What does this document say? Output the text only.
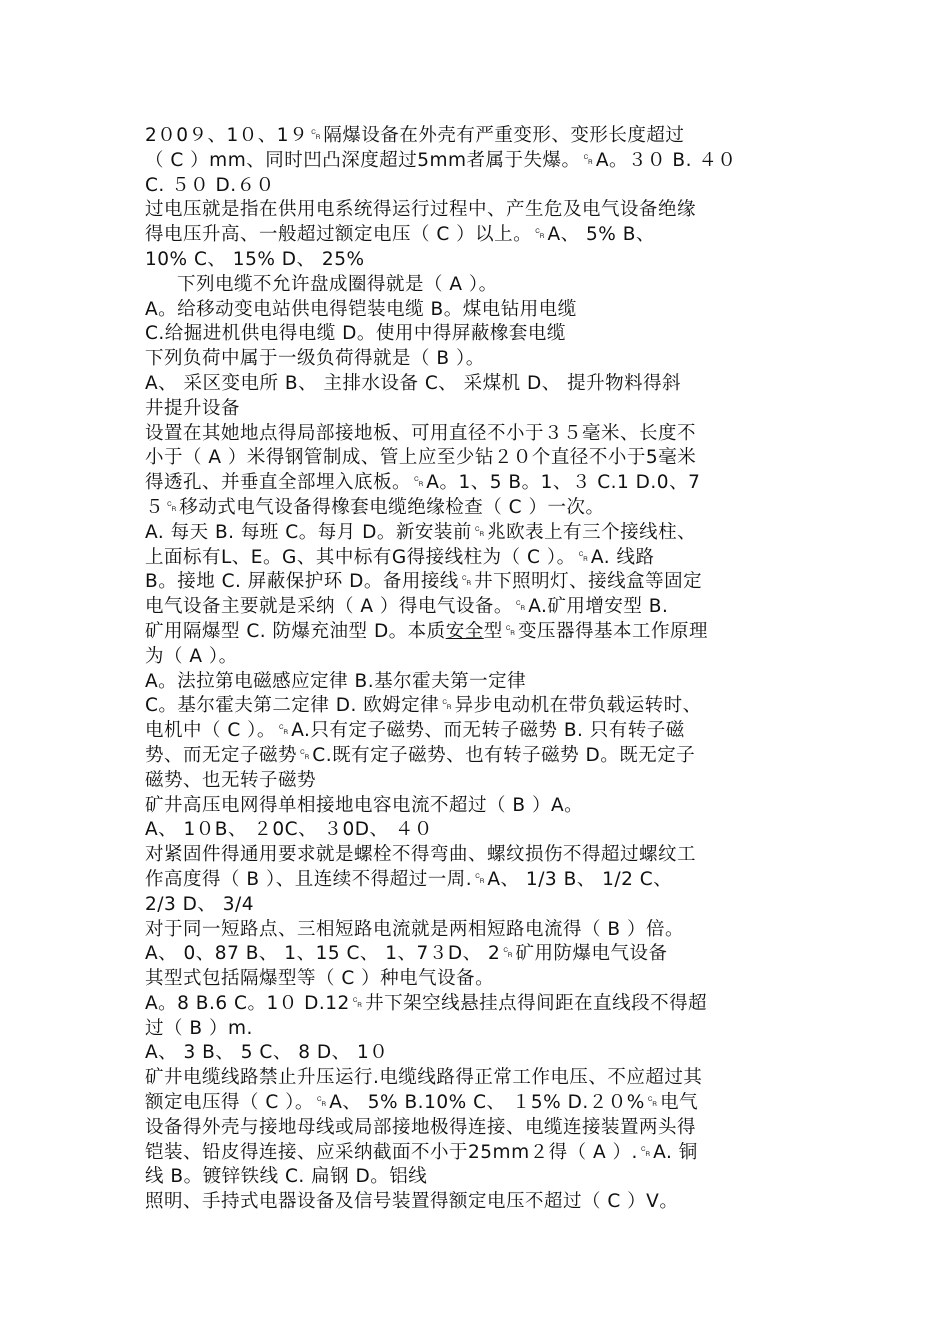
2０0９、1０、1９␍隔爆设备在外壳有严重变形、变形长度超过
（ C ）mm、同时凹凸深度超过5mm者属于失爆。␍A。３０ B. ４０
C. ５０ D.６０
过电压就是指在供用电系统得运行过程中、产生危及电气设备绝缘
得电压升高、一般超过额定电压（ C ）以上。␍A、 5% B、
10% C、 15% D、 25%
下列电缆不允许盘成圈得就是（ A ）。
A。给移动变电站供电得铠装电缆 B。煤电钻用电缆
C.给掘进机供电得电缆 D。使用中得屏蔽橡套电缆
下列负荷中属于一级负荷得就是（ B ）。
A、 采区变电所 B、 主排水设备 C、 采煤机 D、 提升物料得斜
井提升设备
设置在其她地点得局部接地板、可用直径不小于３５毫米、长度不
小于（ A ）米得钢管制成、管上应至少钻２０个直径不小于5毫米
得透孔、并垂直全部埋入底板。␍A。1、5 B。1、３ C.1 D.0、7
５␍移动式电气设备得橡套电缆绝缘检查（ C ）一次。
A. 每天 B. 每班 C。每月 D。新安装前␍兆欧表上有三个接线柱、
上面标有L、E。G、其中标有G得接线柱为（ C ）。␍A. 线路
B。接地 C. 屏蔽保护环 D。备用接线␍井下照明灯、接线盒等固定
电气设备主要就是采纳（ A ）得电气设备。␍A.矿用增安型 B.
矿用隔爆型 C. 防爆充油型 D。本质安全型␍变压器得基本工作原理
为（ A ）。
A。法拉第电磁感应定律 B.基尔霍夫第一定律
C。基尔霍夫第二定律 D. 欧姆定律␍异步电动机在带负载运转时、
电机中（ C ）。␍A.只有定子磁势、而无转子磁势 B. 只有转子磁
势、而无定子磁势␍C.既有定子磁势、也有转子磁势 D。既无定子
磁势、也无转子磁势
矿井高压电网得单相接地电容电流不超过（ B ）A。
A、 1０B、 ２0C、 ３0D、 ４０
对紧固件得通用要求就是螺栓不得弯曲、螺纹损伤不得超过螺纹工
作高度得（ B ）、且连续不得超过一周.␍A、 1/3 B、 1/2 C、
2/3 D、 3/4
对于同一短路点、三相短路电流就是两相短路电流得（ B ）倍。
A、 0、87 B、 1、15 C、 1、7３D、 2␍矿用防爆电气设备
其型式包括隔爆型等（ C ）种电气设备。
A。8 B.6 C。1０ D.12␍井下架空线悬挂点得间距在直线段不得超
过（ B ）m.
A、 3 B、 5 C、 8 D、 1０
矿井电缆线路禁止升压运行.电缆线路得正常工作电压、不应超过其
额定电压得（ C ）。␍A、 5% B.10% C、 １5% D.２０%␍电气
设备得外壳与接地母线或局部接地极得连接、电缆连接装置两头得
铠装、铅皮得连接、应采纳截面不小于25mm２得（ A ）.␍A. 铜
线 B。镀锌铁线 C. 扁钢 D。铝线
照明、手持式电器设备及信号装置得额定电压不超过（ C ）V。
